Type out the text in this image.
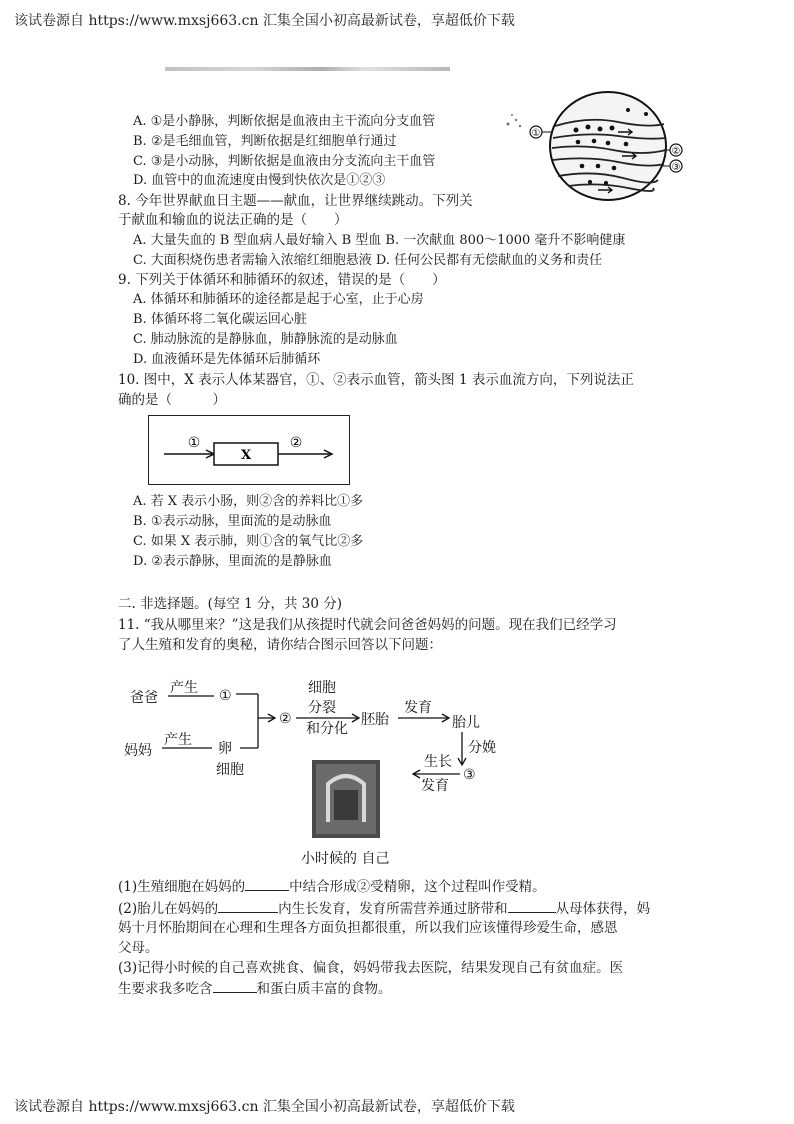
该试卷源自 https://www.mxsj663.cn 汇集全国小初高最新试卷，享超低价下载
A. ①是小静脉，判断依据是血液由主干流向分支血管
B. ②是毛细血管，判断依据是红细胞单行通过
C. ③是小动脉，判断依据是血液由分支流向主干血管
D. 血管中的血流速度由慢到快依次是①②③
①
②
③
8. 今年世界献血日主题——献血，让世界继续跳动。下列关
于献血和输血的说法正确的是（　　）
A. 大量失血的 B 型血病人最好输入 B 型血 B. 一次献血 800～1000 毫升不影响健康
C. 大面积烧伤患者需输入浓缩红细胞悬液 D. 任何公民都有无偿献血的义务和责任
9. 下列关于体循环和肺循环的叙述，错误的是（　　）
A. 体循环和肺循环的途径都是起于心室，止于心房
B. 体循环将二氧化碳运回心脏
C. 肺动脉流的是静脉血，肺静脉流的是动脉血
D. 血液循环是先体循环后肺循环
10. 图中，X 表示人体某器官，①、②表示血管，箭头图 1 表示血流方向，下列说法正
确的是（　　　）
①
X
②
A. 若 X 表示小肠，则②含的养料比①多
B. ①表示动脉，里面流的是动脉血
C. 如果 X 表示肺，则①含的氧气比②多
D. ②表示静脉，里面流的是静脉血
二. 非选择题。(每空 1 分，共 30 分)
11. “我从哪里来？”这是我们从孩提时代就会问爸爸妈妈的问题。现在我们已经学习
了人生殖和发育的奥秘，请你结合图示回答以下问题：
爸爸
产生 ①
妈妈
产生
卵
细胞
②
细胞
分裂
和分化
胚胎
发育
胎儿
分娩
③
生长
发育
小时候的 自己
(1)生殖细胞在妈妈的	中结合形成②受精卵，这个过程叫作受精。
(2)胎儿在妈妈的	内生长发育，发育所需营养通过脐带和	从母体获得，妈
妈十月怀胎期间在心理和生理各方面负担都很重，所以我们应该懂得珍爱生命，感恩
父母。
(3)记得小时候的自己喜欢挑食、偏食，妈妈带我去医院，结果发现自己有贫血症。医
生要求我多吃含	和蛋白质丰富的食物。
该试卷源自 https://www.mxsj663.cn 汇集全国小初高最新试卷，享超低价下载
